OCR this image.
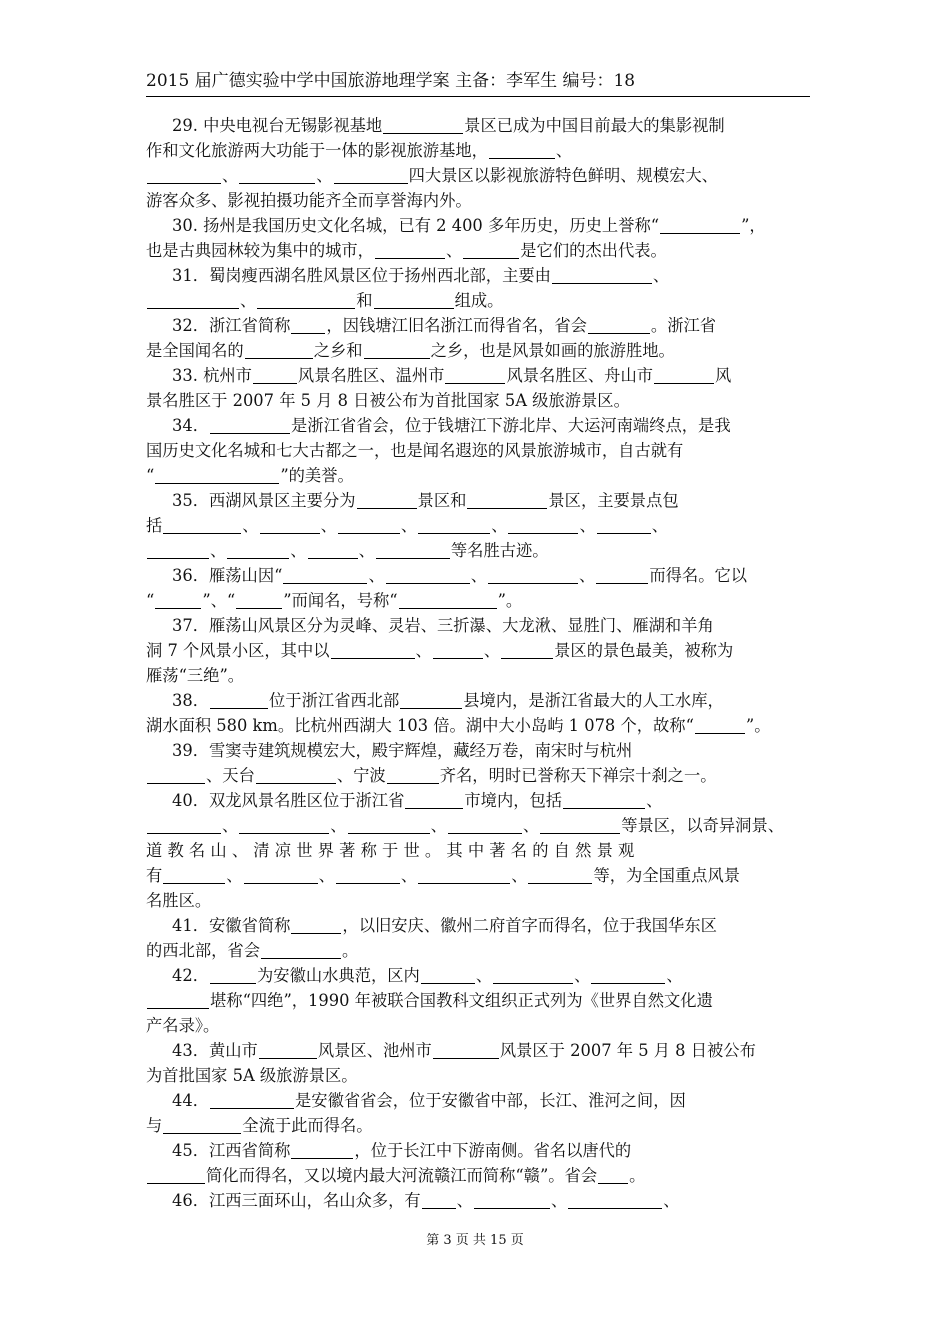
2015 届广德实验中学中国旅游地理学案 主备：李军生 编号：18
29. 中央电视台无锡影视基地	景区已成为中国目前最大的集影视制
作和文化旅游两大功能于一体的影视旅游基地，	、
、	、	四大景区以影视旅游特色鲜明、规模宏大、
游客众多、影视拍摄功能齐全而享誉海内外。
30. 扬州是我国历史文化名城，已有 2 400 多年历史，历史上誉称“	”，
也是古典园林较为集中的城市，	、	是它们的杰出代表。
31．蜀岗瘦西湖名胜风景区位于扬州西北部，主要由	、
、	和	组成。
32．浙江省简称 ，因钱塘江旧名浙江而得省名，省会	。浙江省
是全国闻名的	之乡和	之乡，也是风景如画的旅游胜地。
33. 杭州市	风景名胜区、温州市	风景名胜区、舟山市	风
景名胜区于 2007 年 5 月 8 日被公布为首批国家 5A 级旅游景区。
34．	是浙江省省会，位于钱塘江下游北岸、大运河南端终点，是我
国历史文化名城和七大古都之一，也是闻名遐迩的风景旅游城市，自古就有
“	”的美誉。
35．西湖风景区主要分为	景区和	景区，主要景点包
括	、	、	、	、	、	、
、	、	、	等名胜古迹。
36．雁荡山因“	、	、	、	而得名。它以
“	”、“	”而闻名，号称“	”。
37．雁荡山风景区分为灵峰、灵岩、三折瀑、大龙湫、显胜门、雁湖和羊角
洞 7 个风景小区，其中以	、	、	景区的景色最美，被称为
雁荡“三绝”。
38．	位于浙江省西北部	县境内，是浙江省最大的人工水库，
湖水面积 580 km。比杭州西湖大 103 倍。湖中大小岛屿 1 078 个，故称“	”。
39．雪窦寺建筑规模宏大，殿宇辉煌，藏经万卷，南宋时与杭州
、天台	、宁波	齐名，明时已誉称天下禅宗十刹之一。
40．双龙风景名胜区位于浙江省	市境内，包括	、
、	、	、	、	等景区，以奇异洞景、
道 教 名 山 、 清 凉 世 界 著 称 于 世 。 其 中 著 名 的 自 然 景 观
有	、	、	、	、	等，为全国重点风景
名胜区。
41．安徽省简称	，以旧安庆、徽州二府首字而得名，位于我国华东区
的西北部，省会	。
42．	为安徽山水典范，区内	、	、	、
堪称“四绝”，1990 年被联合国教科文组织正式列为《世界自然文化遗
产名录》。
43．黄山市	风景区、池州市	风景区于 2007 年 5 月 8 日被公布
为首批国家 5A 级旅游景区。
44．	是安徽省省会，位于安徽省中部，长江、淮河之间，因
与	全流于此而得名。
45．江西省简称	，位于长江中下游南侧。省名以唐代的
简化而得名，又以境内最大河流赣江而简称“赣”。省会 。
46．江西三面环山，名山众多，有 、	、	、
第 3 页 共 15 页
